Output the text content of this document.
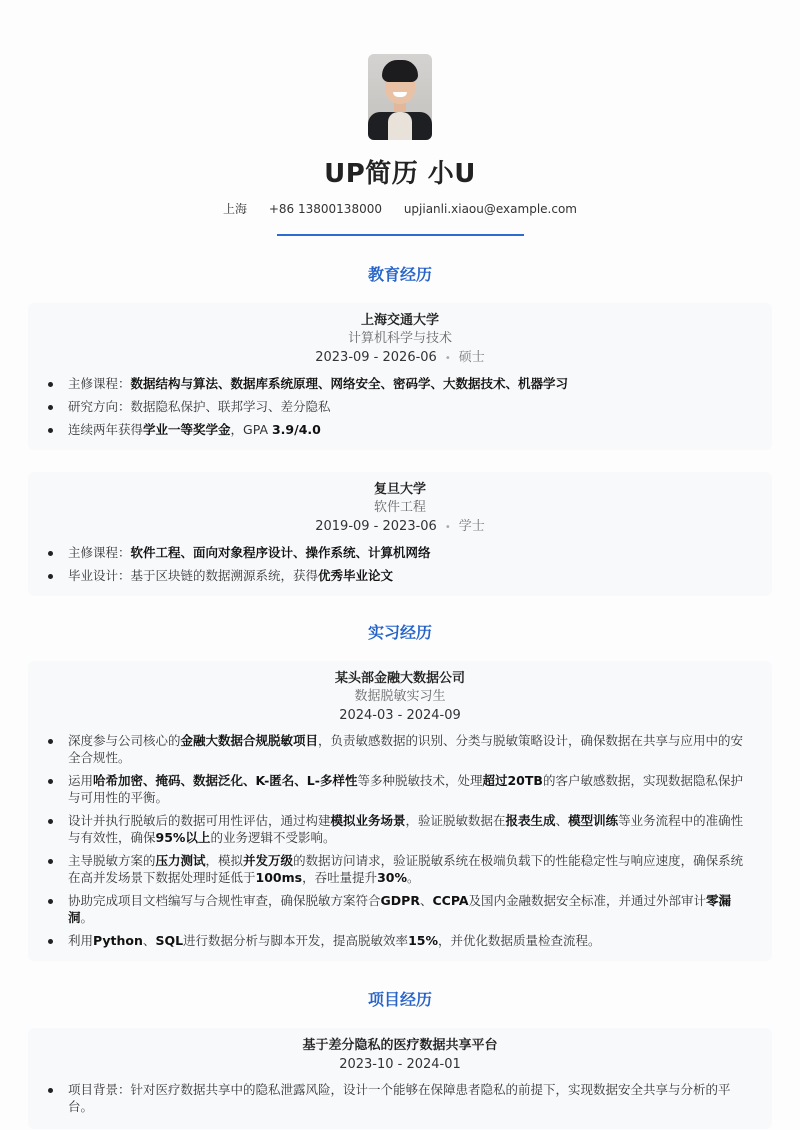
UP简历 小U
上海 +86 13800138000 upjianli.xiaou@example.com
教育经历
上海交通大学
计算机科学与技术
2023-09 - 2026-06 • 硕士
主修课程：数据结构与算法、数据库系统原理、网络安全、密码学、大数据技术、机器学习
研究方向：数据隐私保护、联邦学习、差分隐私
连续两年获得学业一等奖学金，GPA 3.9/4.0
复旦大学
软件工程
2019-09 - 2023-06 • 学士
主修课程：软件工程、面向对象程序设计、操作系统、计算机网络
毕业设计：基于区块链的数据溯源系统，获得优秀毕业论文
实习经历
某头部金融大数据公司
数据脱敏实习生
2024-03 - 2024-09
深度参与公司核心的金融大数据合规脱敏项目，负责敏感数据的识别、分类与脱敏策略设计，确保数据在共享与应用中的安全合规性。
运用哈希加密、掩码、数据泛化、K-匿名、L-多样性等多种脱敏技术，处理超过20TB的客户敏感数据，实现数据隐私保护与可用性的平衡。
设计并执行脱敏后的数据可用性评估，通过构建模拟业务场景，验证脱敏数据在报表生成、模型训练等业务流程中的准确性与有效性，确保95%以上的业务逻辑不受影响。
主导脱敏方案的压力测试，模拟并发万级的数据访问请求，验证脱敏系统在极端负载下的性能稳定性与响应速度，确保系统在高并发场景下数据处理时延低于100ms，吞吐量提升30%。
协助完成项目文档编写与合规性审查，确保脱敏方案符合GDPR、CCPA及国内金融数据安全标准，并通过外部审计零漏洞。
利用Python、SQL进行数据分析与脚本开发，提高脱敏效率15%，并优化数据质量检查流程。
项目经历
基于差分隐私的医疗数据共享平台
2023-10 - 2024-01
项目背景：针对医疗数据共享中的隐私泄露风险，设计一个能够在保障患者隐私的前提下，实现数据安全共享与分析的平台。
